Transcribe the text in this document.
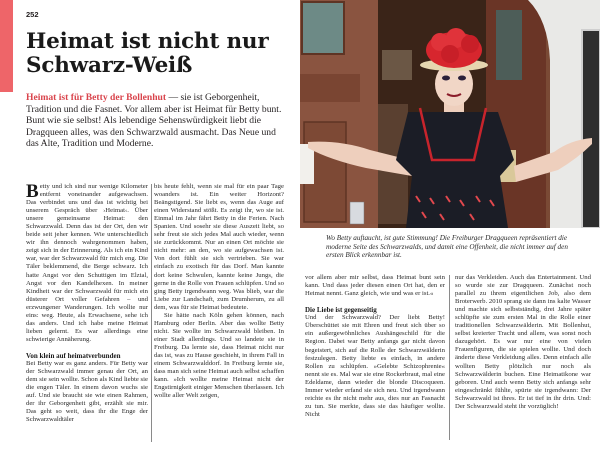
252
Heimat ist nicht nur
Schwarz-Weiß

Heimat ist für Betty der Bollenhut — sie ist Geborgenheit, Tradition und die Fasnet. Vor allem aber ist Heimat für Betty bunt. Bunt wie sie selbst! Als lebendige Sehenswürdigkeit liebt die Dragqueen alles, was den Schwarzwald ausmacht. Das Neue und das Alte, Tradition und Moderne.

Wo Betty auftaucht, ist gute Stimmung! Die Freiburger Dragqueen repräsentiert die moderne Seite des Schwarzwalds, und damit eine Offenheit, die nicht immer auf den ersten Blick erkennbar ist.

Betty und ich sind nur wenige Kilometer entfernt voneinander aufgewachsen. Das verbindet uns und das ist wichtig bei unserem Gespräch über ›Heimat‹. Über unsere gemeinsame Heimat: den Schwarzwald. Denn das ist der Ort, den wir beide seit jeher kennen. Wie unterschiedlich wir ihn dennoch wahrgenommen haben, zeigt sich in der Erinnerung. Als ich ein Kind war, war der Schwarzwald für mich eng. Die Täler beklemmend, die Berge schwarz. Ich hatte Angst vor den Schuttigen im Elztal, Angst vor den Kandelhexen. In meiner Kindheit war der Schwarzwald für mich ein düsterer Ort voller Gefahren – und erzwungener Wanderungen. Ich wollte nur eins: weg. Heute, als Erwachsene, sehe ich das anders. Und ich habe meine Heimat lieben gelernt. Es war allerdings eine schwierige Annäherung.

Von klein auf heimatverbunden

Bei Betty war es ganz anders. Für Betty war der Schwarzwald immer genau der Ort, an dem sie sein wollte. Schon als Kind liebte sie die engen Täler. In einem davon wuchs sie auf. Und sie braucht sie wie einen Rahmen, der ihr Geborgenheit gibt, erzählt sie mir. Das geht so weit, dass ihr die Enge der Schwarzwaldtäler

bis heute fehlt, wenn sie mal für ein paar Tage woanders ist. Ein weiter Horizont? Beängstigend. Sie liebt es, wenn das Auge auf einen Widerstand stößt. Es zeigt ihr, wo sie ist. Einmal im Jahr fährt Betty in die Ferien. Nach Spanien. Und sosehr sie diese Auszeit liebt, so sehr freut sie sich jedes Mal auch wieder, wenn sie zurückkommt. Nur an einen Ort möchte sie nicht mehr: an den, wo sie aufgewachsen ist. Von dort fühlt sie sich vertrieben. Sie war einfach zu exotisch für das Dorf. Man kannte dort keine Schwulen, kannte keine Jungs, die gerne in die Rolle von Frauen schlüpfen. Und so ging Betty irgendwann weg. Was blieb, war die Liebe zur Landschaft, zum Drumherum, zu all dem, was für sie Heimat bedeutete.

Sie hätte nach Köln gehen können, nach Hamburg oder Berlin. Aber das wollte Betty nicht. Sie wollte im Schwarzwald bleiben. In einer Stadt allerdings. Und so landete sie in Freiburg. Da lernte sie, dass Heimat nicht nur das ist, was zu Hause geschieht, in ihrem Fall in einem Schwarzwalddorf. In Freiburg lernte sie, dass man sich seine Heimat auch selbst schaffen kann. »Ich wollte meine Heimat nicht der Engstirnigkeit einiger Menschen überlassen. Ich wollte aller Welt zeigen,

vor allem aber mir selbst, dass Heimat bunt sein kann. Und dass jeder diesen einen Ort hat, den er Heimat nennt. Ganz gleich, wie und was er ist.«

Die Liebe ist gegenseitig

Und der Schwarzwald? Der liebt Betty! Überschüttet sie mit Ehren und freut sich über so ein außergewöhnliches Aushängeschild für die Region. Dabei war Betty anfangs gar nicht davon begeistert, sich auf die Rolle der Schwarzwälderin festzulegen. Betty liebte es einfach, in andere Rollen zu schlüpfen. »Gelebte Schizophrenie« nennt sie es. Mal war sie eine Rockerbraut, mal eine Edeldame, dann wieder die blonde Discoqueen. Immer wieder erfand sie sich neu. Und irgendwann reichte es ihr nicht mehr aus, dies nur an Fasnacht zu tun. Sie merkte, dass sie das häufiger wollte. Nicht

nur das Verkleiden. Auch das Entertainment. Und so wurde sie zur Dragqueen. Zunächst noch parallel zu ihrem eigentlichen Job, also dem Broterwerb. 2010 sprang sie dann ins kalte Wasser und machte sich selbstständig, drei Jahre später schlüpfte sie zum ersten Mal in die Rolle einer traditionellen Schwarzwälderin. Mit Bollenhut, selbst kreierter Tracht und allem, was sonst noch dazugehört. Es war nur eine von vielen Frauenfiguren, die sie spielen wollte. Und doch änderte diese Verkleidung alles. Denn einfach alle wollten Betty plötzlich nur noch als Schwarzwälderin buchen. Eine Heimatikone war geboren. Und auch wenn Betty sich anfangs sehr eingeschränkt fühlte, spürte sie irgendwann: Der Schwarzwald ist ihres. Er ist tief in ihr drin. Und: Der Schwarzwald steht ihr vorzüglich!
